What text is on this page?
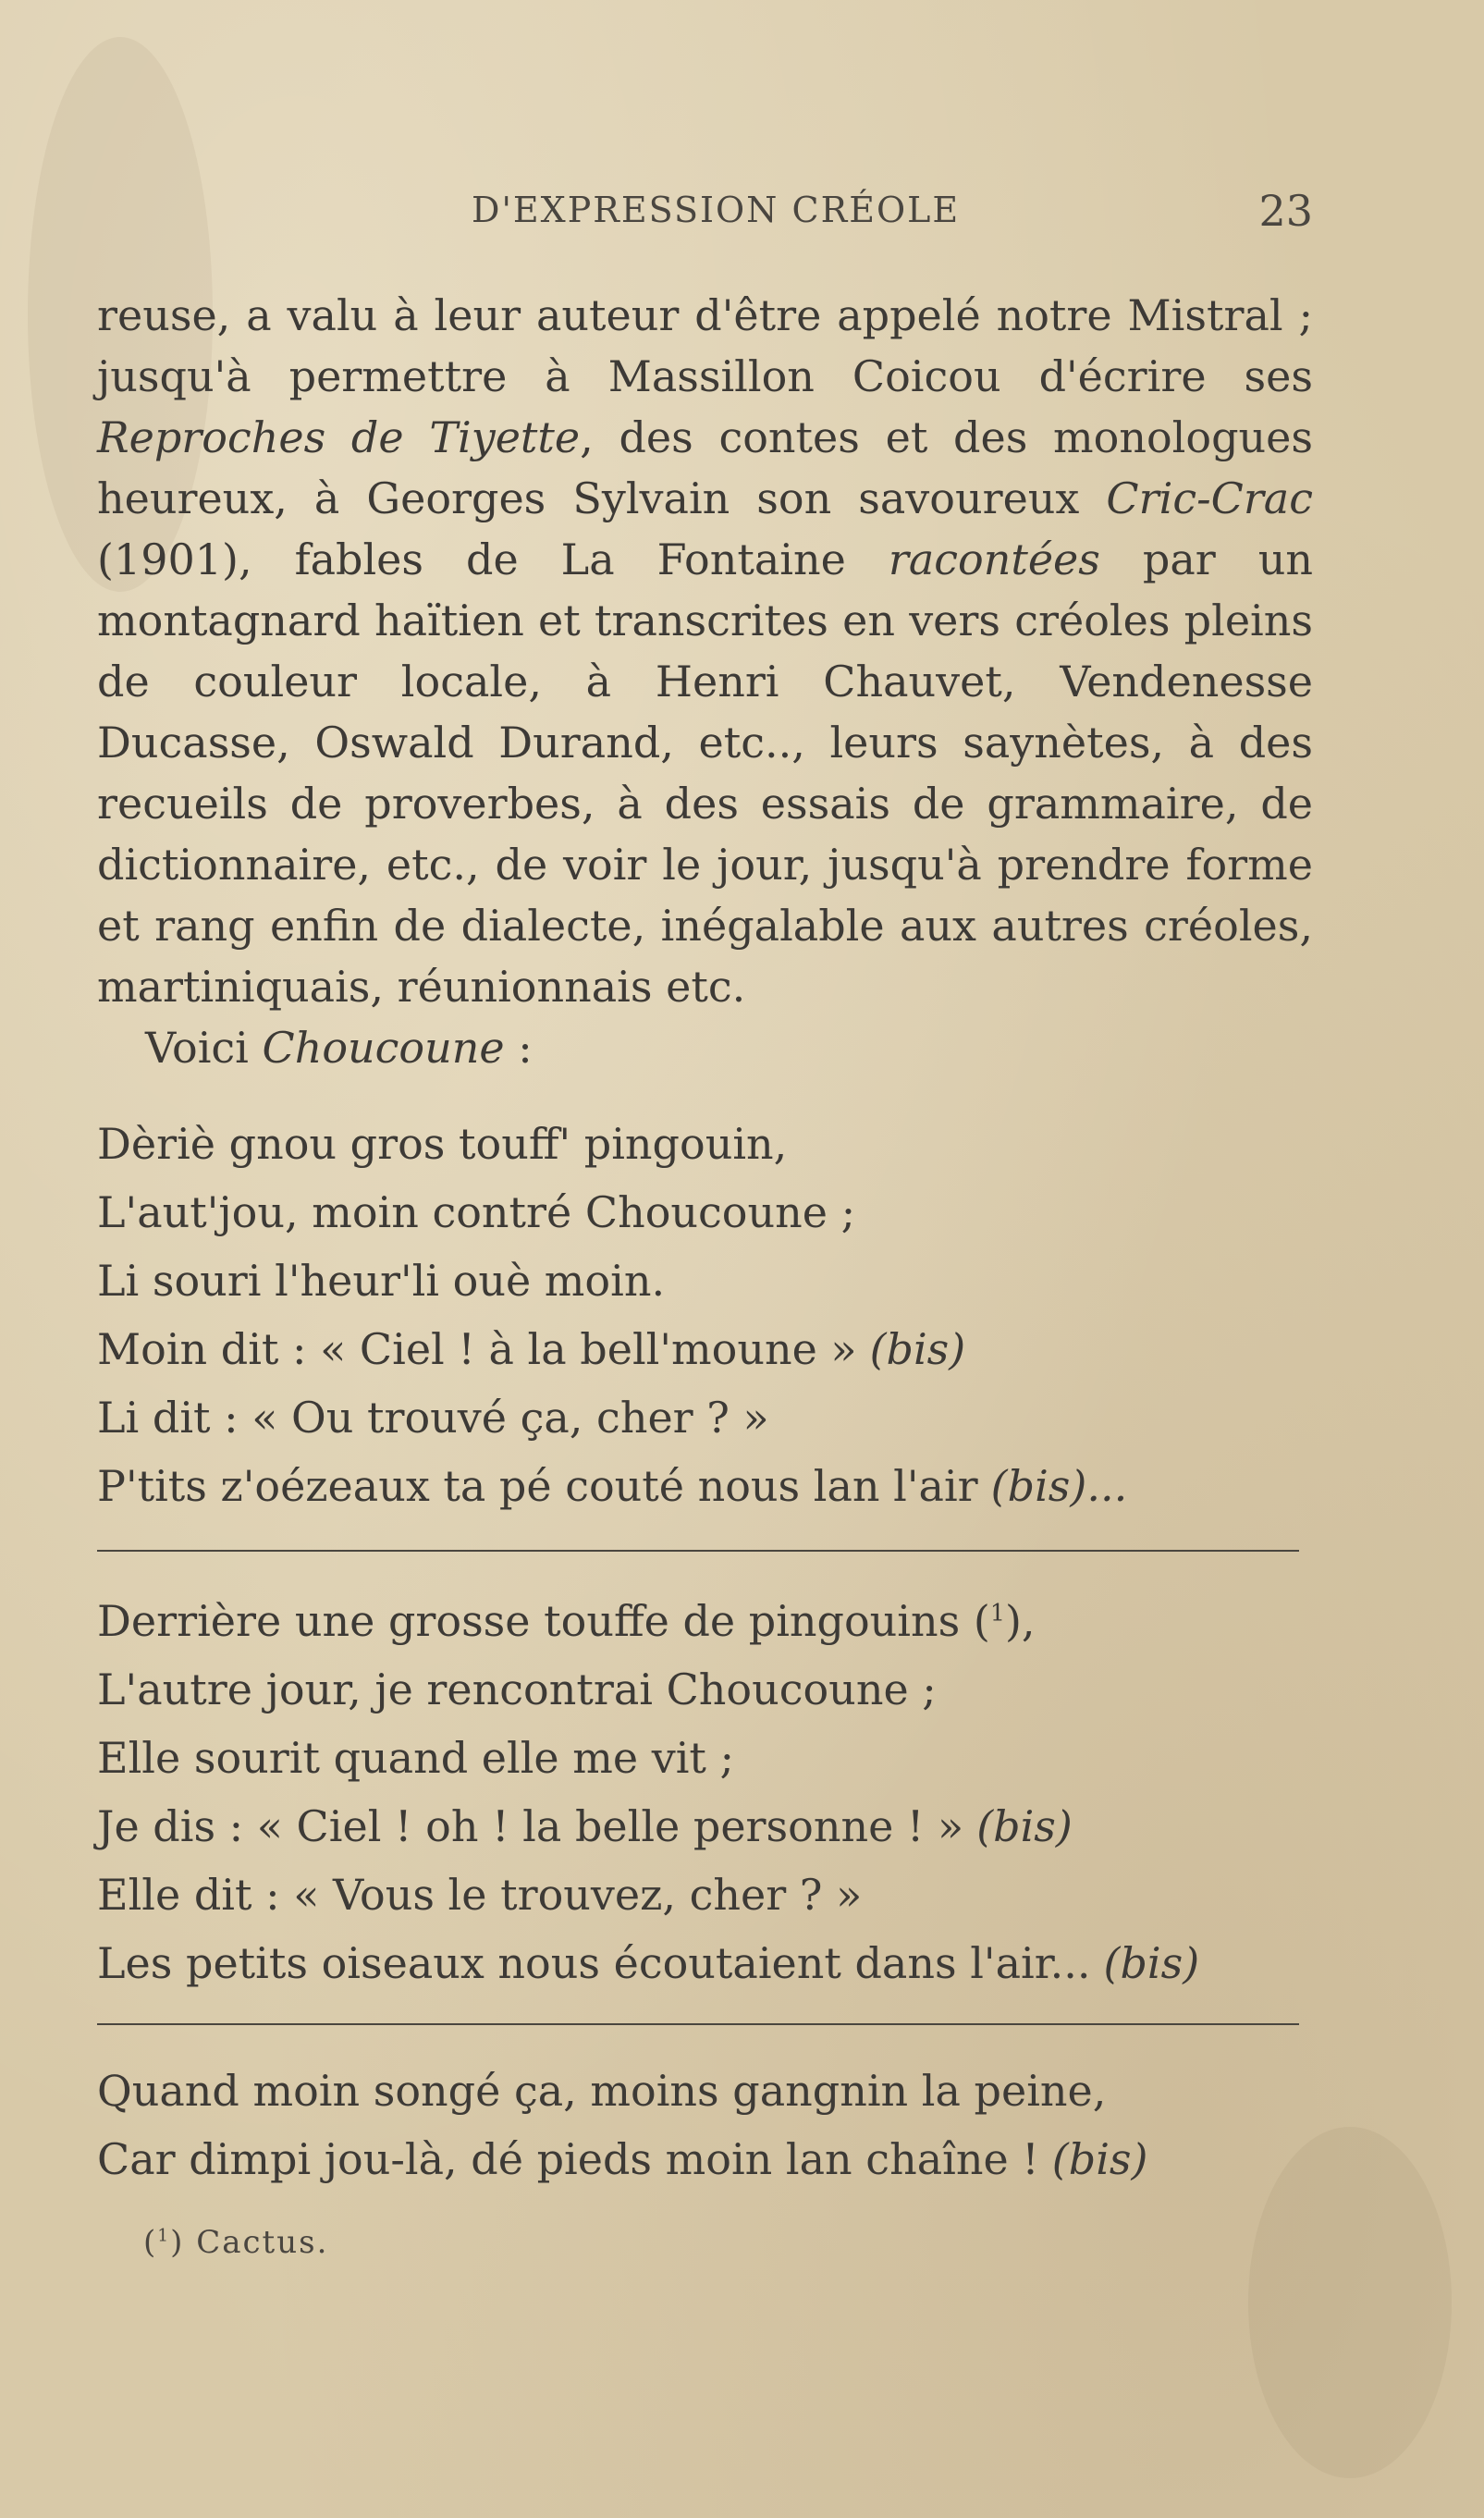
D'EXPRESSION CRÉOLE	23

reuse, a valu à leur auteur d'être appelé notre Mistral ; jusqu'à permettre à Massillon Coicou d'écrire ses Reproches de Tiyette, des contes et des monologues heureux, à Georges Sylvain son savoureux Cric-Crac (1901), fables de La Fontaine racontées par un montagnard haïtien et transcrites en vers créoles pleins de couleur locale, à Henri Chauvet, Vendenesse Ducasse, Oswald Durand, etc.., leurs saynètes, à des recueils de proverbes, à des essais de grammaire, de dictionnaire, etc., de voir le jour, jusqu'à prendre forme et rang enfin de dialecte, inégalable aux autres créoles, martiniquais, réunionnais etc.

Voici Choucoune :

Dèriè gnou gros touff' pingouin,
L'aut'jou, moin contré Choucoune ;
Li souri l'heur'li ouè moin.
Moin dit : « Ciel ! à la bell'moune » (bis)
Li dit : « Ou trouvé ça, cher ? »
P'tits z'oézeaux ta pé couté nous lan l'air (bis)...
Derrière une grosse touffe de pingouins ($^1$),
L'autre jour, je rencontrai Choucoune ;
Elle sourit quand elle me vit ;
Je dis : « Ciel ! oh ! la belle personne ! » (bis)
Elle dit : « Vous le trouvez, cher ? »
Les petits oiseaux nous écoutaient dans l'air... (bis)
Quand moin songé ça, moins gangnin la peine,
Car dimpi jou-là, dé pieds moin lan chaîne ! (bis)
($^1$) Cactus.
